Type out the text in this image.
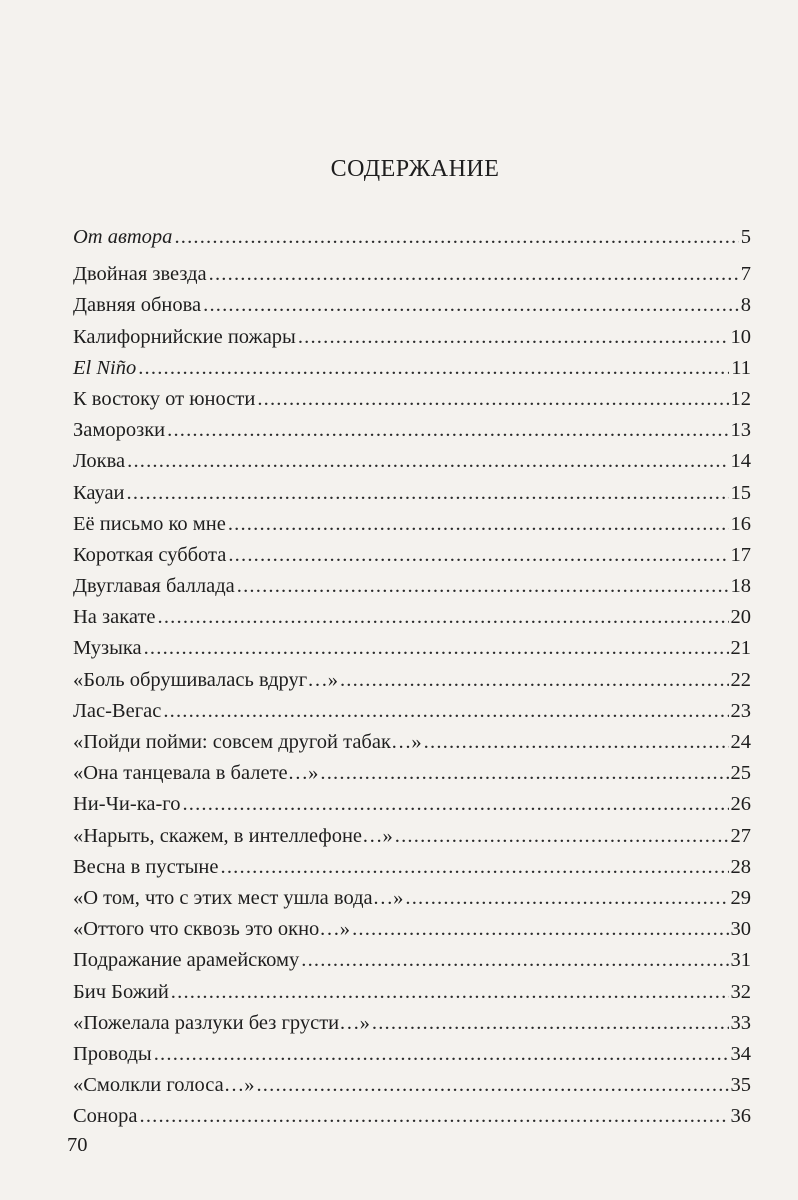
СОДЕРЖАНИЕ
От автора .....	5
Двойная звезда .....	7
Давняя обнова .....	8
Калифорнийские пожары .....	10
El Niño .....	11
К востоку от юности .....	12
Заморозки .....	13
Локва .....	14
Кауаи .....	15
Её письмо ко мне .....	16
Короткая суббота .....	17
Двуглавая баллада .....	18
На закате .....	20
Музыка .....	21
«Боль обрушивалась вдруг…» .....	22
Лас-Вегас .....	23
«Пойди пойми: совсем другой табак…» .....	24
«Она танцевала в балете…» .....	25
Ни-Чи-ка-го .....	26
«Нарыть, скажем, в интеллефоне…» .....	27
Весна в пустыне .....	28
«О том, что с этих мест ушла вода…» .....	29
«Оттого что сквозь это окно…» .....	30
Подражание арамейскому .....	31
Бич Божий .....	32
«Пожелала разлуки без грусти…» .....	33
Проводы .....	34
«Смолкли голоса…» .....	35
Сонора .....	36
70
